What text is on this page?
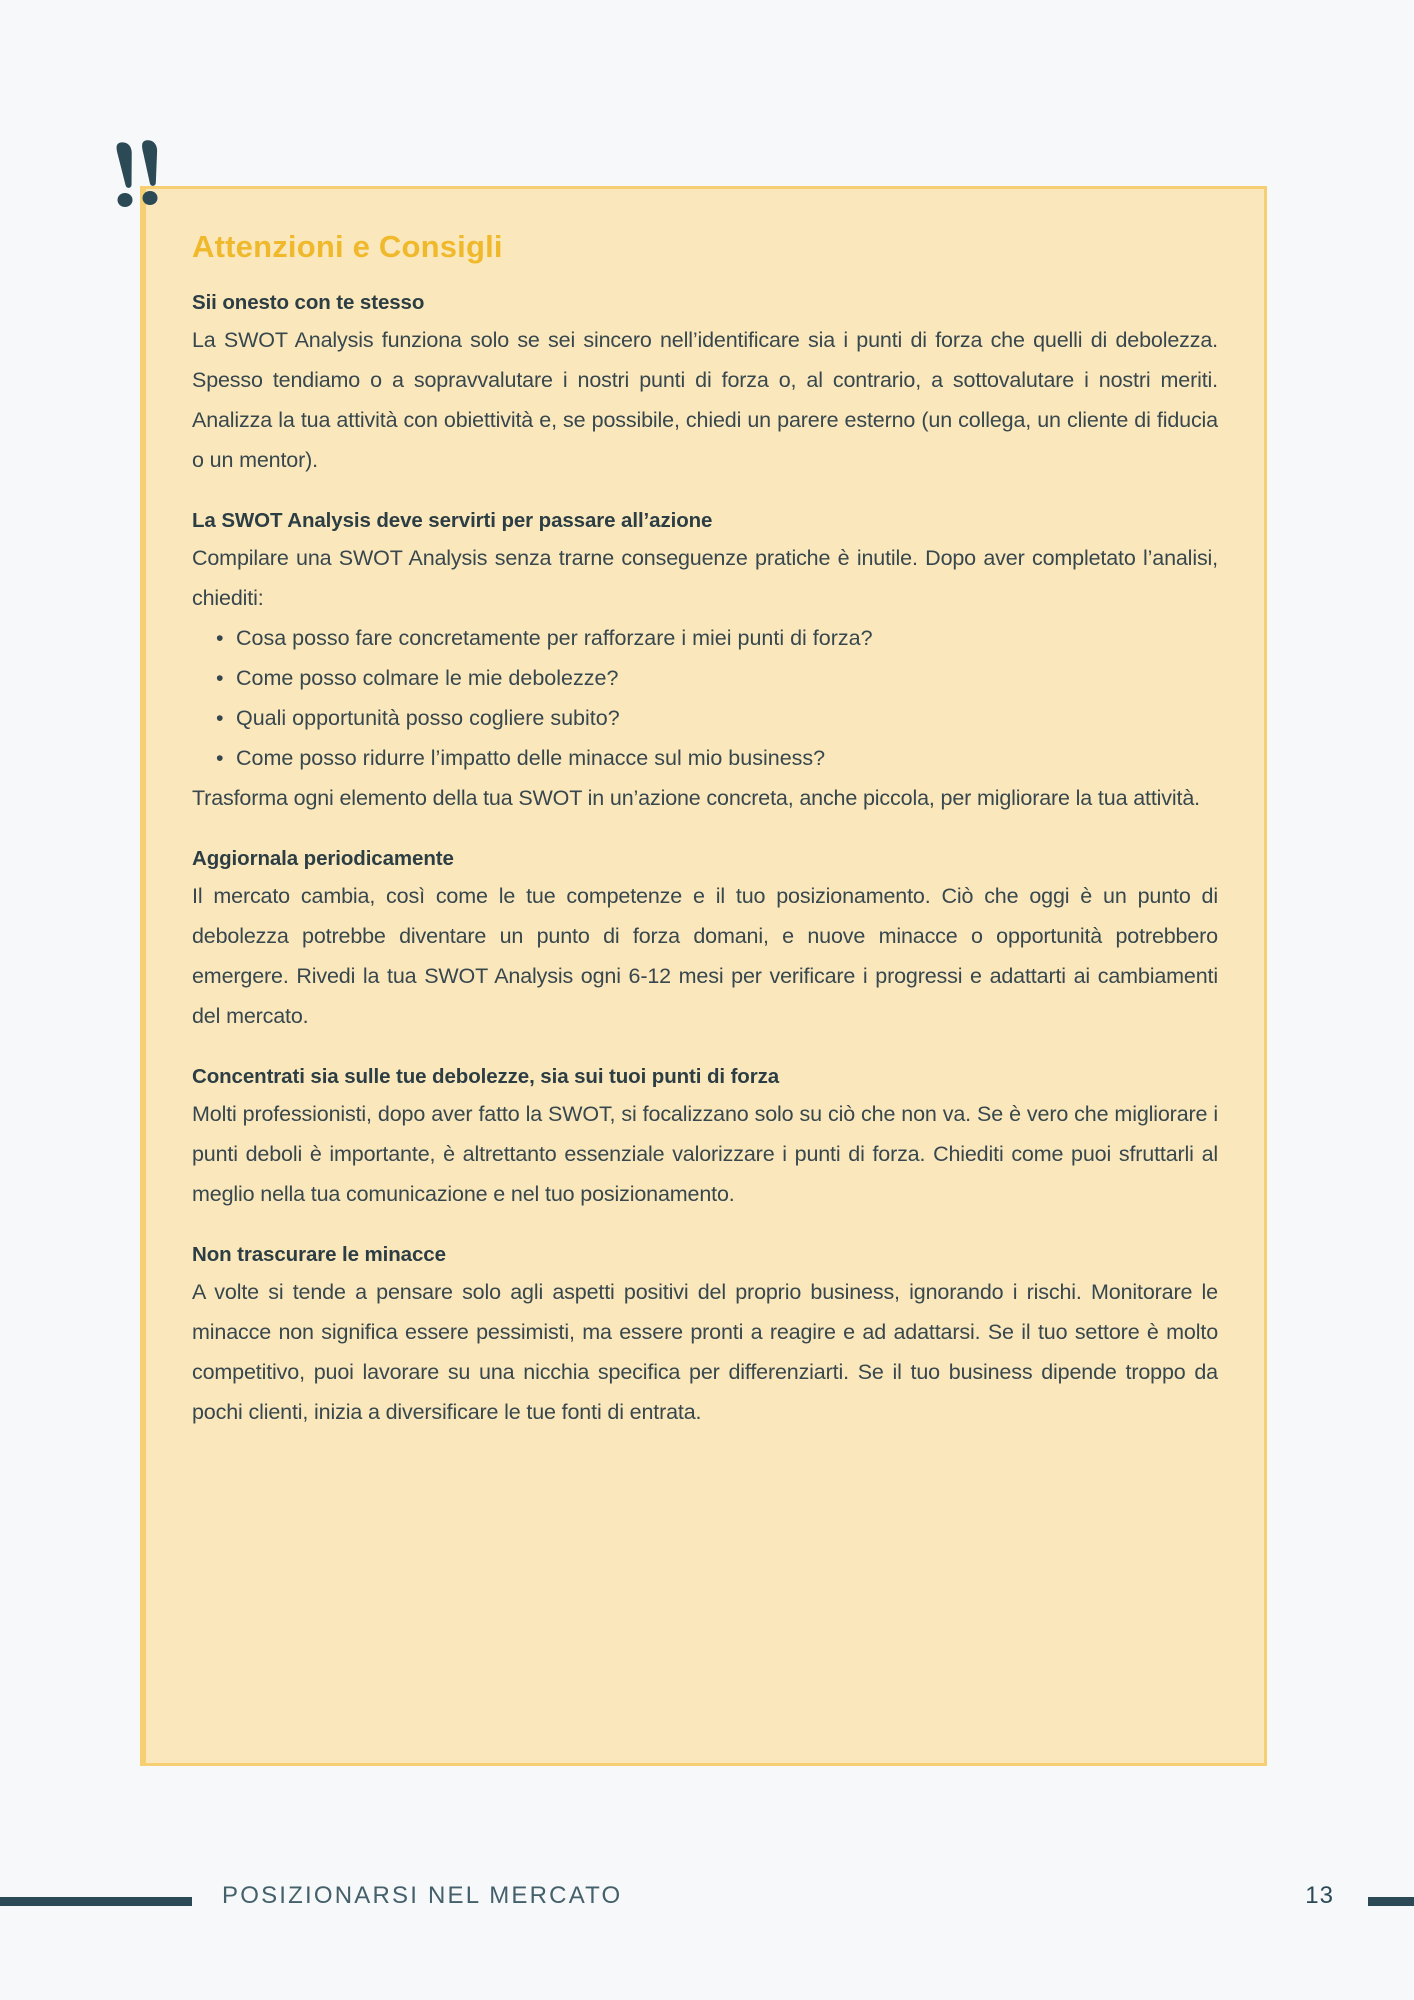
Attenzioni e Consigli
Sii onesto con te stesso

La SWOT Analysis funziona solo se sei sincero nell’identificare sia i punti di forza che quelli di debolezza. Spesso tendiamo o a sopravvalutare i nostri punti di forza o, al contrario, a sottovalutare i nostri meriti. Analizza la tua attività con obiettività e, se possibile, chiedi un parere esterno (un collega, un cliente di fiducia o un mentor).

La SWOT Analysis deve servirti per passare all’azione

Compilare una SWOT Analysis senza trarne conseguenze pratiche è inutile. Dopo aver completato l’analisi, chiediti:

• Cosa posso fare concretamente per rafforzare i miei punti di forza?
• Come posso colmare le mie debolezze?
• Quali opportunità posso cogliere subito?
• Come posso ridurre l’impatto delle minacce sul mio business?

Trasforma ogni elemento della tua SWOT in un’azione concreta, anche piccola, per migliorare la tua attività.

Aggiornala periodicamente

Il mercato cambia, così come le tue competenze e il tuo posizionamento. Ciò che oggi è un punto di debolezza potrebbe diventare un punto di forza domani, e nuove minacce o opportunità potrebbero emergere. Rivedi la tua SWOT Analysis ogni 6-12 mesi per verificare i progressi e adattarti ai cambiamenti del mercato.

Concentrati sia sulle tue debolezze, sia sui tuoi punti di forza

Molti professionisti, dopo aver fatto la SWOT, si focalizzano solo su ciò che non va. Se è vero che migliorare i punti deboli è importante, è altrettanto essenziale valorizzare i punti di forza. Chiediti come puoi sfruttarli al meglio nella tua comunicazione e nel tuo posizionamento.

Non trascurare le minacce

A volte si tende a pensare solo agli aspetti positivi del proprio business, ignorando i rischi. Monitorare le minacce non significa essere pessimisti, ma essere pronti a reagire e ad adattarsi. Se il tuo settore è molto competitivo, puoi lavorare su una nicchia specifica per differenziarti. Se il tuo business dipende troppo da pochi clienti, inizia a diversificare le tue fonti di entrata.

POSIZIONARSI NEL MERCATO	13
